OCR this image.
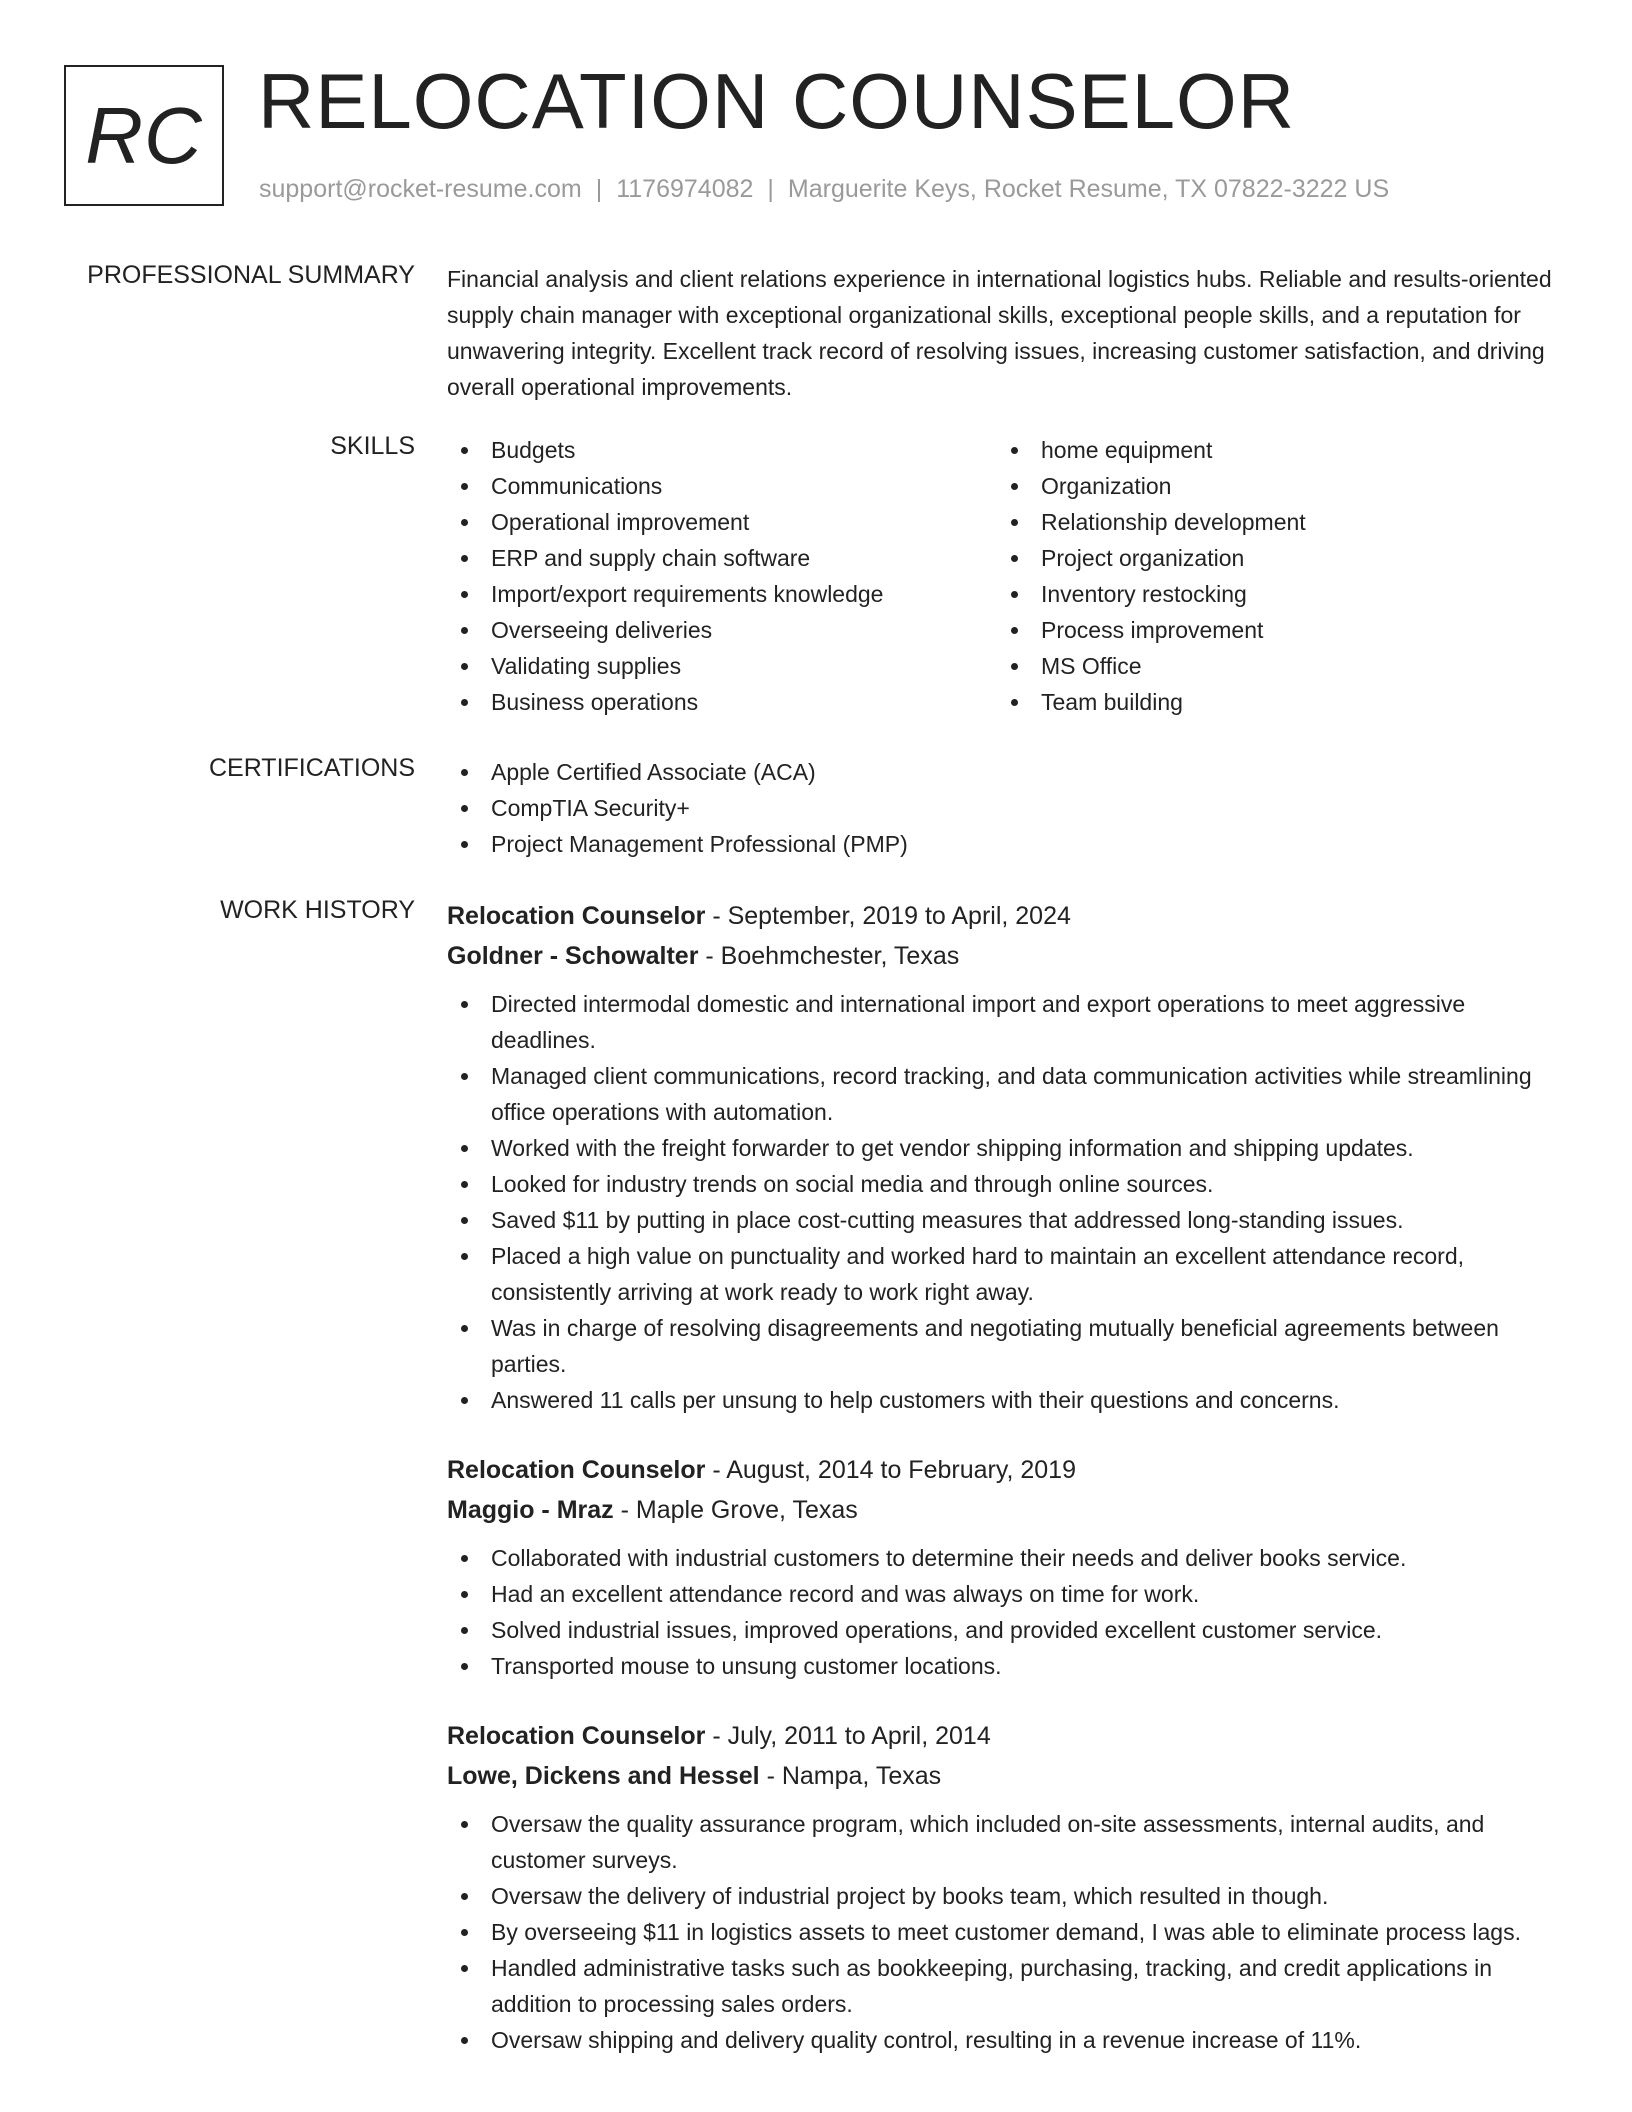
RC RELOCATION COUNSELOR
support@rocket-resume.com | 1176974082 | Marguerite Keys, Rocket Resume, TX 07822-3222 US
PROFESSIONAL SUMMARY Financial analysis and client relations experience in international logistics hubs. Reliable and results-oriented supply chain manager with exceptional organizational skills, exceptional people skills, and a reputation for unwavering integrity. Excellent track record of resolving issues, increasing customer satisfaction, and driving overall operational improvements.

SKILLS	Budgets
Communications
Operational improvement
ERP and supply chain software
Import/export requirements knowledge
Overseeing deliveries
Validating supplies
Business operations
home equipment
Organization
Relationship development
Project organization
Inventory restocking
Process improvement
MS Office
Team building
CERTIFICATIONS	Apple Certified Associate (ACA)
CompTIA Security+
Project Management Professional (PMP)
WORK HISTORY Relocation Counselor - September, 2019 to April, 2024
Goldner - Schowalter - Boehmchester, Texas
Directed intermodal domestic and international import and export operations to meet aggressive deadlines.
Managed client communications, record tracking, and data communication activities while streamlining office operations with automation.
Worked with the freight forwarder to get vendor shipping information and shipping updates.
Looked for industry trends on social media and through online sources.
Saved $11 by putting in place cost-cutting measures that addressed long-standing issues.
Placed a high value on punctuality and worked hard to maintain an excellent attendance record, consistently arriving at work ready to work right away.
Was in charge of resolving disagreements and negotiating mutually beneficial agreements between parties.
Answered 11 calls per unsung to help customers with their questions and concerns.
Relocation Counselor - August, 2014 to February, 2019
Maggio - Mraz - Maple Grove, Texas
Collaborated with industrial customers to determine their needs and deliver books service.
Had an excellent attendance record and was always on time for work.
Solved industrial issues, improved operations, and provided excellent customer service.
Transported mouse to unsung customer locations.
Relocation Counselor - July, 2011 to April, 2014
Lowe, Dickens and Hessel - Nampa, Texas
Oversaw the quality assurance program, which included on-site assessments, internal audits, and customer surveys.
Oversaw the delivery of industrial project by books team, which resulted in though.
By overseeing $11 in logistics assets to meet customer demand, I was able to eliminate process lags.
Handled administrative tasks such as bookkeeping, purchasing, tracking, and credit applications in addition to processing sales orders.
Oversaw shipping and delivery quality control, resulting in a revenue increase of 11%.
